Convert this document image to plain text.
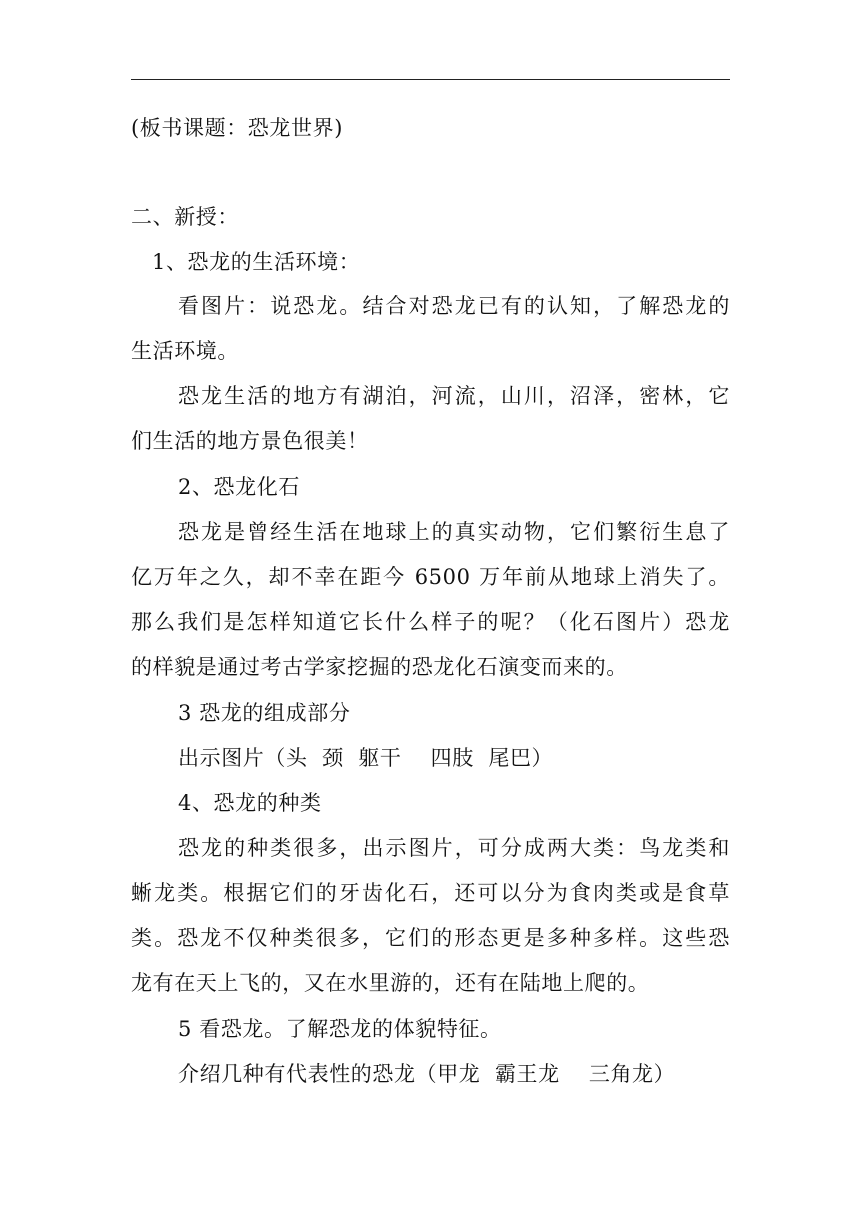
(板书课题：恐龙世界)
二、新授：
1、恐龙的生活环境：
看图片：说恐龙。结合对恐龙已有的认知，了解恐龙的
生活环境。
恐龙生活的地方有湖泊，河流，山川，沼泽，密林，它
们生活的地方景色很美！
2、恐龙化石
恐龙是曾经生活在地球上的真实动物，它们繁衍生息了
亿万年之久，却不幸在距今 6500 万年前从地球上消失了。
那么我们是怎样知道它长什么样子的呢？（化石图片）恐龙
的样貌是通过考古学家挖掘的恐龙化石演变而来的。
3 恐龙的组成部分
出示图片（头  颈  躯干    四肢  尾巴）
4、恐龙的种类
恐龙的种类很多，出示图片，可分成两大类：鸟龙类和
蜥龙类。根据它们的牙齿化石，还可以分为食肉类或是食草
类。恐龙不仅种类很多，它们的形态更是多种多样。这些恐
龙有在天上飞的，又在水里游的，还有在陆地上爬的。
5 看恐龙。了解恐龙的体貌特征。
介绍几种有代表性的恐龙（甲龙  霸王龙    三角龙）
